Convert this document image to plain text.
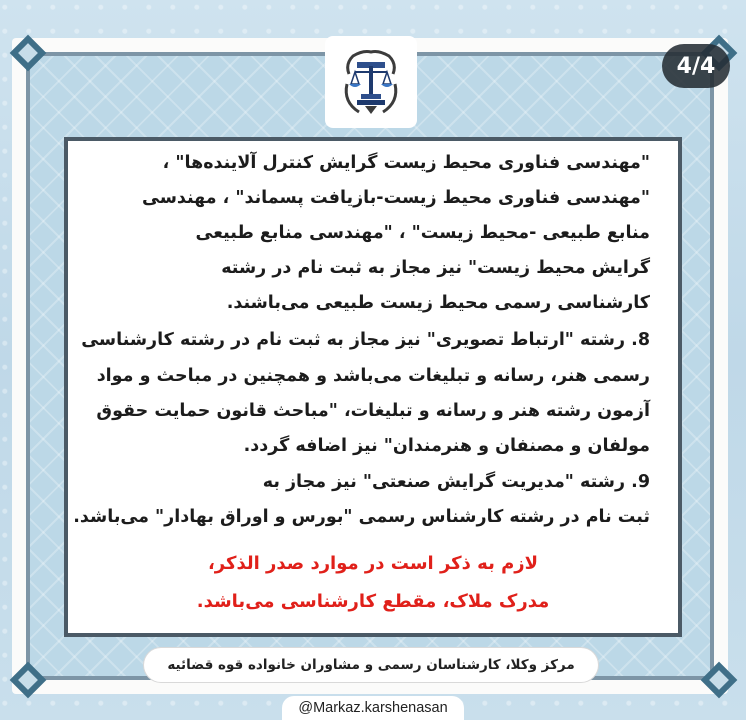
4/4
"مهندسی فناوری محیط زیست گرایش کنترل آلاینده‌ها" ،
"مهندسی فناوری محیط زیست-بازیافت پسماند" ، مهندسی
منابع طبیعی -محیط زیست" ، "مهندسی منابع طبیعی
گرایش محیط زیست" نیز مجاز به ثبت نام در رشته
کارشناسی رسمی محیط زیست طبیعی می‌باشند.
8. رشته "ارتباط تصویری" نیز مجاز به ثبت نام در رشته کارشناسی
رسمی هنر، رسانه و تبلیغات می‌باشد و همچنین در مباحث و مواد
آزمون رشته هنر و رسانه و تبلیغات، "مباحث قانون حمایت حقوق
مولفان و مصنفان و هنرمندان" نیز اضافه گردد.
9. رشته "مدیریت گرایش صنعتی" نیز مجاز به
ثبت نام در رشته کارشناس رسمی "بورس و اوراق بهادار" می‌باشد.
لازم به ذکر است در موارد صدر الذکر،
مدرک ملاک، مقطع کارشناسی می‌باشد.
مرکز وکلا، کارشناسان رسمی و مشاوران خانواده قوه قضائیه
@Markaz.karshenasan
